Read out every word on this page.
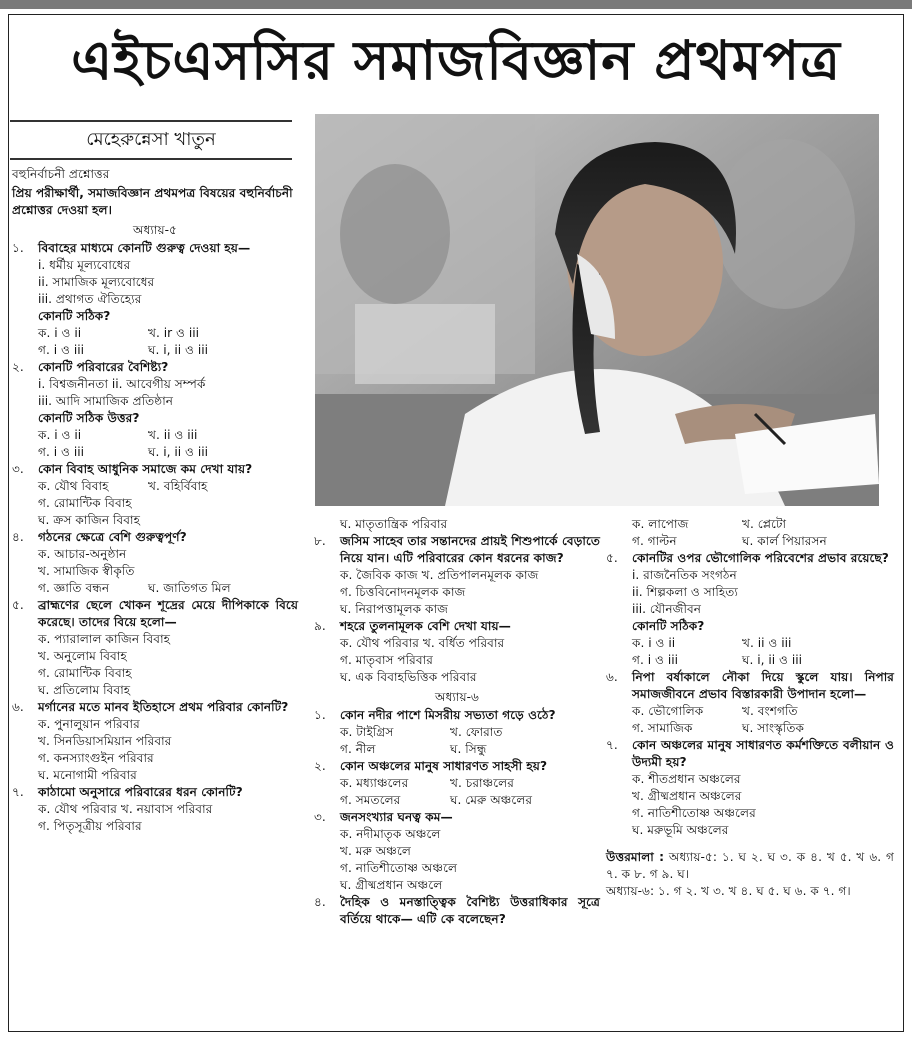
এইচএসসির সমাজবিজ্ঞান প্রথমপত্র
মেহেরুন্নেসা খাতুন
বহুনির্বাচনী প্রশ্নোত্তর
প্রিয় পরীক্ষার্থী, সমাজবিজ্ঞান প্রথমপত্র বিষয়ের বহুনির্বাচনী প্রশ্নোত্তর দেওয়া হল।
অধ্যায়-৫
১.	বিবাহের মাধ্যমে কোনটি গুরুত্ব দেওয়া হয়—
i. ধর্মীয় মূল্যবোধের
ii. সামাজিক মূল্যবোধের
iii. প্রথাগত ঐতিহ্যের
কোনটি সঠিক?
ক. i ও ii	খ. ir ও iii
গ. i ও iii	ঘ. i, ii ও iii
২.	কোনটি পরিবারের বৈশিষ্ট্য?
i. বিশ্বজনীনতা ii. আবেগীয় সম্পর্ক
iii. আদি সামাজিক প্রতিষ্ঠান
কোনটি সঠিক উত্তর?
ক. i ও ii	খ. ii ও iii
গ. i ও iii	ঘ. i, ii ও iii
৩.	কোন বিবাহ আধুনিক সমাজে কম দেখা যায়?
ক. যৌথ বিবাহ	খ. বহির্বিবাহ
গ. রোমান্টিক বিবাহ
ঘ. ক্রস কাজিন বিবাহ
৪.	গঠনের ক্ষেত্রে বেশি গুরুত্বপূর্ণ?
ক. আচার-অনুষ্ঠান
খ. সামাজিক স্বীকৃতি
গ. জ্ঞাতি বন্ধন	ঘ. জাতিগত মিল
৫.	ব্রাহ্মণের ছেলে খোকন শূদ্রের মেয়ে দীপিকাকে বিয়ে করেছে। তাদের বিয়ে হলো—
ক. প্যারালাল কাজিন বিবাহ
খ. অনুলোম বিবাহ
গ. রোমান্টিক বিবাহ
ঘ. প্রতিলোম বিবাহ
৬.	মর্গানের মতে মানব ইতিহাসে প্রথম পরিবার কোনটি?
ক. পুনালুয়ান পরিবার
খ. সিনডিয়াসমিয়ান পরিবার
গ. কনস্যাংগুইন পরিবার
ঘ. মনোগামী পরিবার
৭.	কাঠামো অনুসারে পরিবারের ধরন কোনটি?
ক. যৌথ পরিবার খ. নয়াবাস পরিবার
গ. পিতৃসূত্রীয় পরিবার
ঘ. মাতৃতান্ত্রিক পরিবার
৮.	জসিম সাহেব তার সন্তানদের প্রায়ই শিশুপার্কে বেড়াতে নিয়ে যান। এটি পরিবারের কোন ধরনের কাজ?
ক. জৈবিক কাজ খ. প্রতিপালনমূলক কাজ
গ. চিত্তবিনোদনমূলক কাজ
ঘ. নিরাপত্তামূলক কাজ
৯.	শহরে তুলনামূলক বেশি দেখা যায়—
ক. যৌথ পরিবার খ. বর্ধিত পরিবার
গ. মাতৃবাস পরিবার
ঘ. এক বিবাহভিত্তিক পরিবার
অধ্যায়-৬
১.	কোন নদীর পাশে মিসরীয় সভ্যতা গড়ে ওঠে?
ক. টাইগ্রিস	খ. ফোরাত
গ. নীল	ঘ. সিন্ধু
২.	কোন অঞ্চলের মানুষ সাধারণত সাহসী হয়?
ক. মধ্যাঞ্চলের	খ. চরাঞ্চলের
গ. সমতলের	ঘ. মেরু অঞ্চলের
৩.	জনসংখ্যার ঘনত্ব কম—
ক. নদীমাতৃক অঞ্চলে
খ. মরু অঞ্চলে
গ. নাতিশীতোষ্ণ অঞ্চলে
ঘ. গ্রীষ্মপ্রধান অঞ্চলে
৪.	দৈহিক ও মনস্তাত্ত্বিক বৈশিষ্ট্য উত্তরাধিকার সূত্রে বর্তিয়ে থাকে— এটি কে বলেছেন?
ক. লাপোজ	খ. প্লেটো
গ. গাল্টন	ঘ. কার্ল পিয়ারসন
৫.	কোনটির ওপর ভৌগোলিক পরিবেশের প্রভাব রয়েছে?
i. রাজনৈতিক সংগঠন
ii. শিল্পকলা ও সাহিত্য
iii. যৌনজীবন
কোনটি সঠিক?
ক. i ও ii	খ. ii ও iii
গ. i ও iii	ঘ. i, ii ও iii
৬.	নিপা বর্ষাকালে নৌকা দিয়ে স্কুলে যায়। নিপার সমাজজীবনে প্রভাব বিস্তারকারী উপাদান হলো—
ক. ভৌগোলিক	খ. বংশগতি
গ. সামাজিক	ঘ. সাংস্কৃতিক
৭.	কোন অঞ্চলের মানুষ সাধারণত কর্মশক্তিতে বলীয়ান ও উদ্যমী হয়?
ক. শীতপ্রধান অঞ্চলের
খ. গ্রীষ্মপ্রধান অঞ্চলের
গ. নাতিশীতোষ্ণ অঞ্চলের
ঘ. মরুভূমি অঞ্চলের
উত্তরমালা : অধ্যায়-৫: ১. ঘ ২. ঘ ৩. ক ৪. খ ৫. খ ৬. গ ৭. ক ৮. গ ৯. ঘ।
অধ্যায়-৬: ১. গ ২. খ ৩. খ ৪. ঘ ৫. ঘ ৬. ক ৭. গ।
